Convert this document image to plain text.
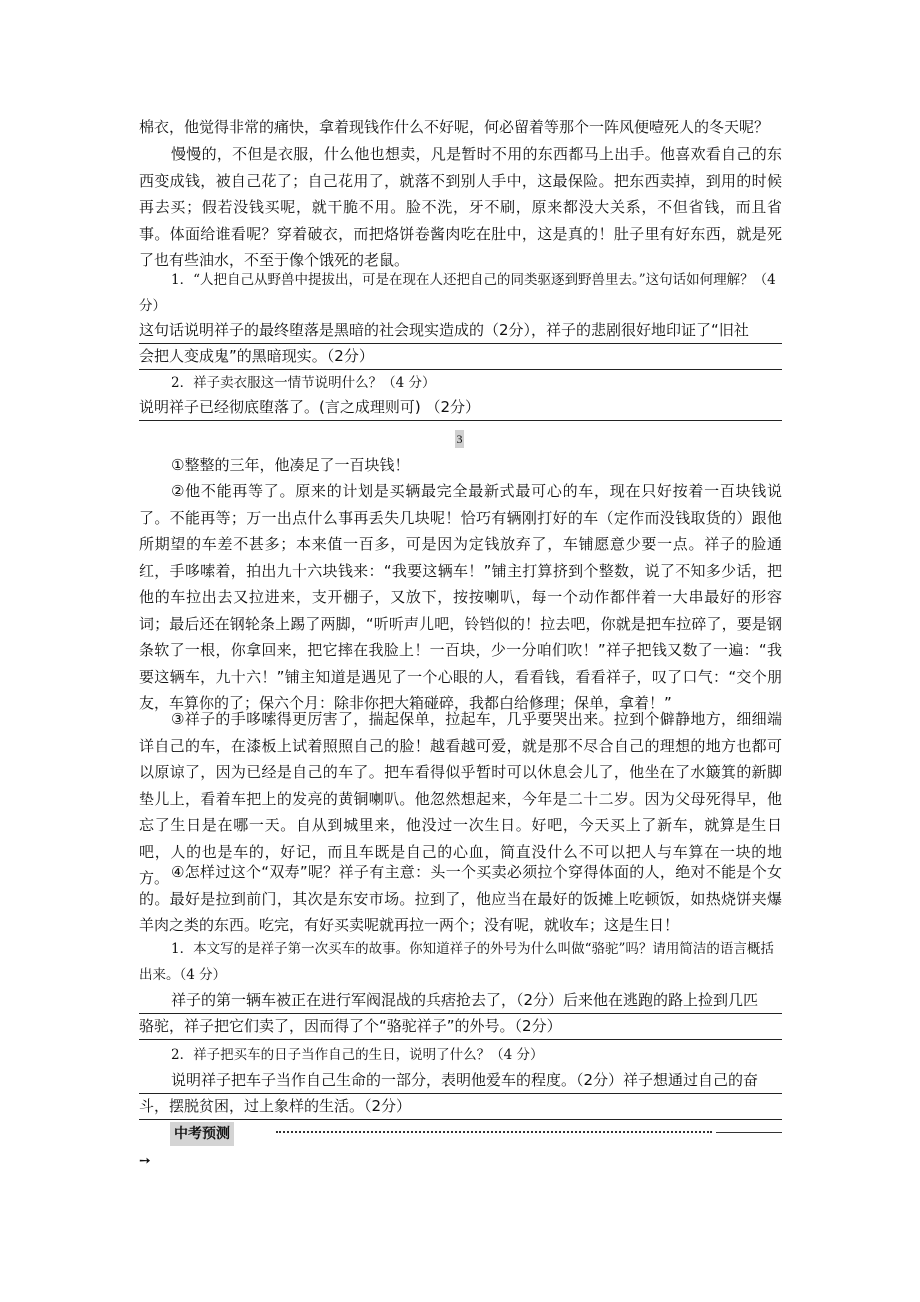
棉衣，他觉得非常的痛快，拿着现钱作什么不好呢，何必留着等那个一阵风便噎死人的冬天呢？
慢慢的，不但是衣服，什么他也想卖，凡是暂时不用的东西都马上出手。他喜欢看自己的东西变成钱，被自己花了；自己花用了，就落不到别人手中，这最保险。把东西卖掉，到用的时候再去买；假若没钱买呢，就干脆不用。脸不洗，牙不刷，原来都没大关系，不但省钱，而且省事。体面给谁看呢？穿着破衣，而把烙饼卷酱肉吃在肚中，这是真的！肚子里有好东西，就是死了也有些油水，不至于像个饿死的老鼠。
1．“人把自己从野兽中提拔出，可是在现在人还把自己的同类驱逐到野兽里去。”这句话如何理解？（4 分）
这句话说明祥子的最终堕落是黑暗的社会现实造成的（2分），祥子的悲剧很好地印证了“旧社
会把人变成鬼”的黑暗现实。（2分）
2．祥子卖衣服这一情节说明什么？（4 分）
说明祥子已经彻底堕落了。(言之成理则可) （2分）
3
①整整的三年，他凑足了一百块钱！
②他不能再等了。原来的计划是买辆最完全最新式最可心的车，现在只好按着一百块钱说了。不能再等；万一出点什么事再丢失几块呢！恰巧有辆刚打好的车（定作而没钱取货的）跟他所期望的车差不甚多；本来值一百多，可是因为定钱放弃了，车铺愿意少要一点。祥子的脸通红，手哆嗦着，拍出九十六块钱来：“我要这辆车！”铺主打算挤到个整数，说了不知多少话，把他的车拉出去又拉进来，支开棚子，又放下，按按喇叭，每一个动作都伴着一大串最好的形容词；最后还在钢轮条上踢了两脚，“听听声儿吧，铃铛似的！拉去吧，你就是把车拉碎了，要是钢条软了一根，你拿回来，把它摔在我脸上！一百块，少一分咱们吹！”祥子把钱又数了一遍：“我要这辆车，九十六！”铺主知道是遇见了一个心眼的人，看看钱，看看祥子，叹了口气：“交个朋友，车算你的了；保六个月：除非你把大箱碰碎，我都白给修理；保单，拿着！”
③祥子的手哆嗦得更厉害了，揣起保单，拉起车，几乎要哭出来。拉到个僻静地方，细细端详自己的车，在漆板上试着照照自己的脸！越看越可爱，就是那不尽合自己的理想的地方也都可以原谅了，因为已经是自己的车了。把车看得似乎暂时可以休息会儿了，他坐在了水簸箕的新脚垫儿上，看着车把上的发亮的黄铜喇叭。他忽然想起来，今年是二十二岁。因为父母死得早，他忘了生日是在哪一天。自从到城里来，他没过一次生日。好吧，今天买上了新车，就算是生日吧，人的也是车的，好记，而且车既是自己的心血，简直没什么不可以把人与车算在一块的地方。 ④怎样过这个“双寿”呢？祥子有主意：头一个买卖必须拉个穿得体面的人，绝对不能是个女的。最好是拉到前门，其次是东安市场。拉到了，他应当在最好的饭摊上吃顿饭，如热烧饼夹爆羊肉之类的东西。吃完，有好买卖呢就再拉一两个；没有呢，就收车；这是生日！
1．本文写的是祥子第一次买车的故事。你知道祥子的外号为什么叫做“骆驼”吗？请用简洁的语言概括出来。（4 分）
祥子的第一辆车被正在进行军阀混战的兵痞抢去了，（2分）后来他在逃跑的路上捡到几匹
骆驼，祥子把它们卖了，因而得了个“骆驼祥子”的外号。（2分）
2．祥子把买车的日子当作自己的生日，说明了什么？（4 分）
说明祥子把车子当作自己生命的一部分，表明他爱车的程度。（2分）祥子想通过自己的奋
斗，摆脱贫困，过上象样的生活。（2分）
中考预测
➙
